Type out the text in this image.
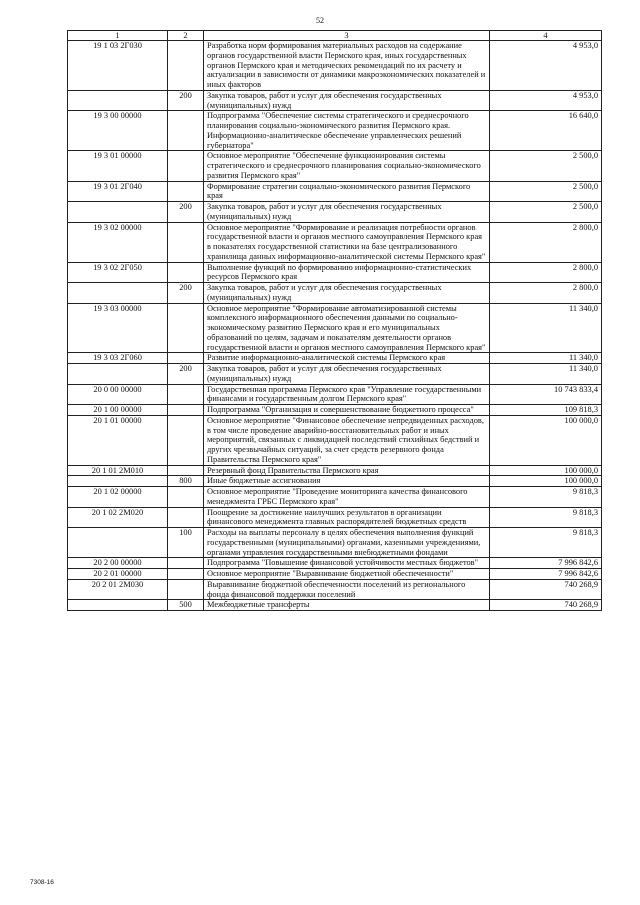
52
1	2	3	4
19 1 03 2Г030		Разработка норм формирования материальных расходов на содержание органов государственной власти Пермского края, иных государственных органов Пермского края и методических рекомендаций по их расчету и актуализации в зависимости от динамики макроэкономических показателей и иных факторов	4 953,0
	200	Закупка товаров, работ и услуг для обеспечения государственных (муниципальных) нужд	4 953,0
19 3 00 00000		Подпрограмма "Обеспечение системы стратегического и среднесрочного планирования социально-экономического развития Пермского края. Информационно-аналитическое обеспечение управленческих решений губернатора"	16 640,0
19 3 01 00000		Основное мероприятие "Обеспечение функционирования системы стратегического и среднесрочного планирования социально-экономического развития Пермского края"	2 500,0
19 3 01 2Г040		Формирование стратегии социально-экономического развития Пермского края	2 500,0
	200	Закупка товаров, работ и услуг для обеспечения государственных (муниципальных) нужд	2 500,0
19 3 02 00000		Основное мероприятие "Формирование и реализация потребности органов государственной власти и органов местного самоуправления Пермского края в показателях государственной статистики на базе централизованного хранилища данных информационно-аналитической системы Пермского края"	2 800,0
19 3 02 2Г050		Выполнение функций по формированию информационно-статистических ресурсов Пермского края	2 800,0
	200	Закупка товаров, работ и услуг для обеспечения государственных (муниципальных) нужд	2 800,0
19 3 03 00000		Основное мероприятие "Формирование автоматизированной системы комплексного информационного обеспечения данными по социально-экономическому развитию Пермского края и его муниципальных образований по целям, задачам и показателям деятельности органов государственной власти и органов местного самоуправления Пермского края"	11 340,0
19 3 03 2Г060		Развитие информационно-аналитической системы Пермского края	11 340,0
	200	Закупка товаров, работ и услуг для обеспечения государственных (муниципальных) нужд	11 340,0
20 0 00 00000		Государственная программа Пермского края "Управление государственными финансами и государственным долгом Пермского края"	10 743 833,4
20 1 00 00000		Подпрограмма "Организация и совершенствование бюджетного процесса"	109 818,3
20 1 01 00000		Основное мероприятие "Финансовое обеспечение непредвиденных расходов, в том числе проведение аварийно-восстановительных работ и иных мероприятий, связанных с ликвидацией последствий стихийных бедствий и других чрезвычайных ситуаций, за счет средств резервного фонда Правительства Пермского края"	100 000,0
20 1 01 2М010		Резервный фонд Правительства Пермского края	100 000,0
	800	Иные бюджетные ассигнования	100 000,0
20 1 02 00000		Основное мероприятие "Проведение мониторинга качества финансового менеджмента ГРБС Пермского края"	9 818,3
20 1 02 2М020		Поощрение за достижение наилучших результатов в организации финансового менеджмента главных распорядителей бюджетных средств	9 818,3
	100	Расходы на выплаты персоналу в целях обеспечения выполнения функций государственными (муниципальными) органами, казенными учреждениями, органами управления государственными внебюджетными фондами	9 818,3
20 2 00 00000		Подпрограмма "Повышение финансовой устойчивости местных бюджетов"	7 996 842,6
20 2 01 00000		Основное мероприятие "Выравнивание бюджетной обеспеченности"	7 996 842,6
20 2 01 2М030		Выравнивание бюджетной обеспеченности поселений из регионального фонда финансовой поддержки поселений	740 268,9
	500	Межбюджетные трансферты	740 268,9
7308-16
